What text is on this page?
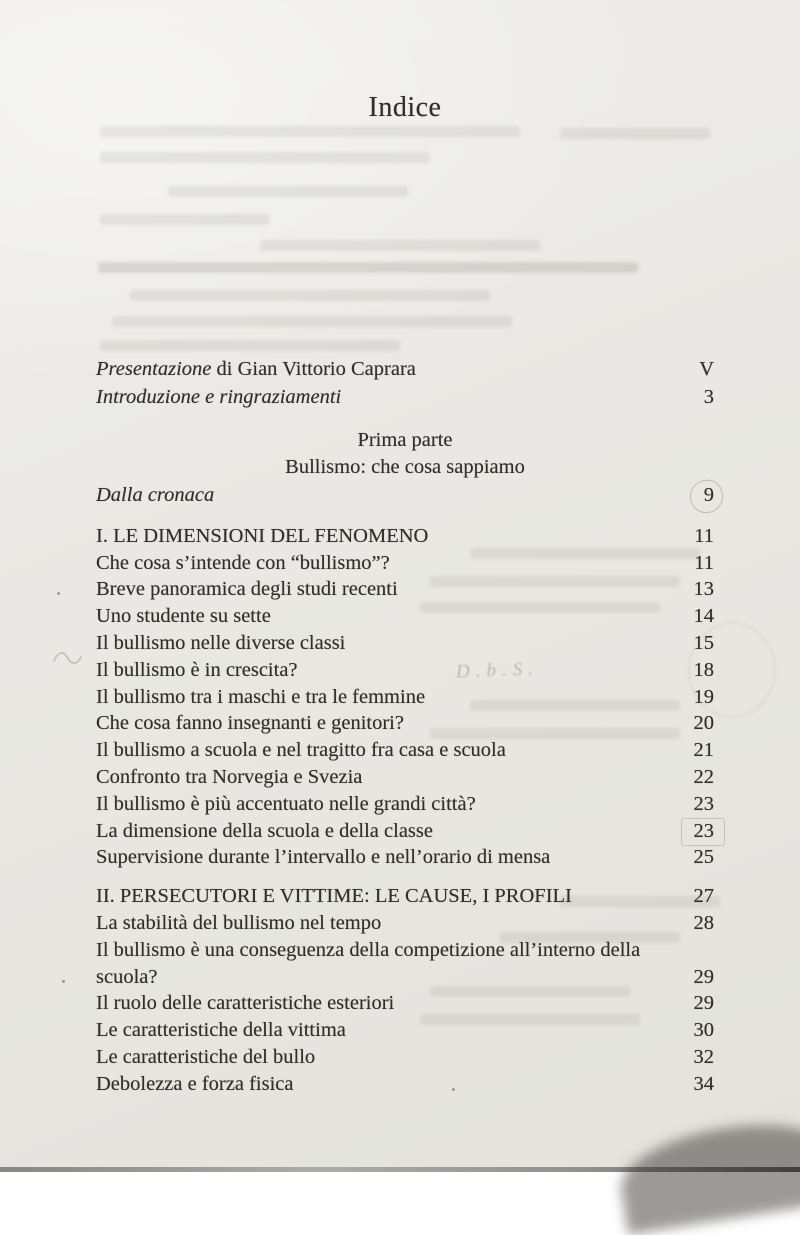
Indice
Presentazione di Gian Vittorio Caprara	V
Introduzione e ringraziamenti	3
Prima parte
Bullismo: che cosa sappiamo
Dalla cronaca	9
I. LE DIMENSIONI DEL FENOMENO	11
Che cosa s’intende con “bullismo”?	11
Breve panoramica degli studi recenti	13
Uno studente su sette	14
Il bullismo nelle diverse classi	15
Il bullismo è in crescita?	18
Il bullismo tra i maschi e tra le femmine	19
Che cosa fanno insegnanti e genitori?	20
Il bullismo a scuola e nel tragitto fra casa e scuola	21
Confronto tra Norvegia e Svezia	22
Il bullismo è più accentuato nelle grandi città?	23
La dimensione della scuola e della classe	23
Supervisione durante l’intervallo e nell’orario di mensa	25
II. PERSECUTORI E VITTIME: LE CAUSE, I PROFILI	27
La stabilità del bullismo nel tempo	28
Il bullismo è una conseguenza della competizione all’interno della
scuola?	29
Il ruolo delle caratteristiche esteriori	29
Le caratteristiche della vittima	30
Le caratteristiche del bullo	32
Debolezza e forza fisica	34
D.b.S.
